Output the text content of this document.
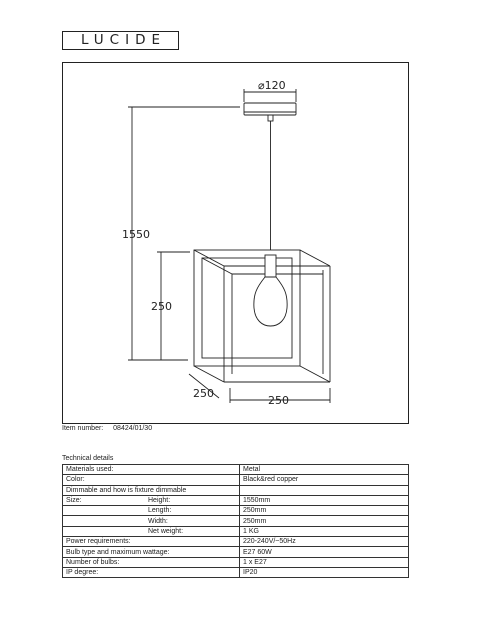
LUCIDE
⌀120
1550
250
250
250
Item number: 08424/01/30
Technical details
Materials used:	Metal
Color:	Black&red copper
Dimmable and how is fixture dimmable	
Size: Height:	1550mm
Length:	250mm
Width:	250mm
Net weight:	1 KG
Power requirements:	220-240V/~50Hz
Bulb type and maximum wattage:	E27 60W
Number of bulbs:	1 x E27
IP degree:	IP20
